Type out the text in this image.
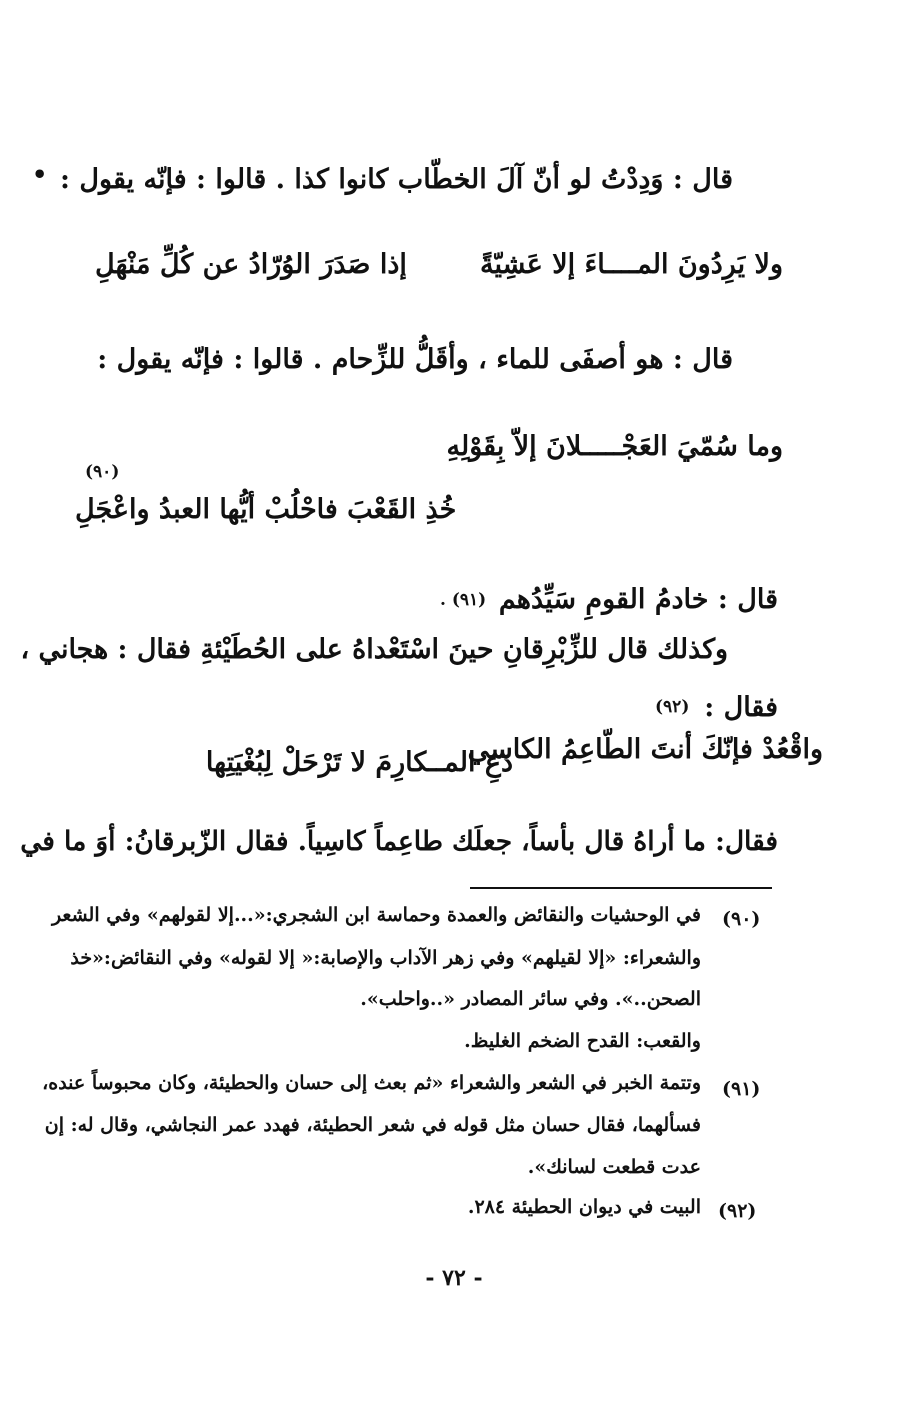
• قال : وَدِدْتُ لو أنّ آلَ الخطّاب كانوا كذا . قالوا : فإنّه يقول :
ولا يَرِدُونَ المــــاءَ إلا عَشِيّةً
إذا صَدَرَ الوُرّادُ عن كُلِّ مَنْهَلِ
قال : هو أصفَى للماء ، وأقَلُّ للزِّحام . قالوا : فإنّه يقول :
وما سُمّيَ العَجْـــــلانَ إلاّ بِقَوْلِهِ
(٩٠)
خُذِ القَعْبَ فاحْلُبْ أيُّها العبدُ واعْجَلِ
قال : خادمُ القومِ سَيِّدُهم
(٩١) .
وكذلك قال للزِّبْرِقانِ حينَ اسْتَعْداهُ على الحُطَيْئةِ فقال : هجاني ،
فقال :
(٩٢)
دَعِ المــكارِمَ لا تَرْحَلْ لِبُغْيَتِها
واقْعُدْ فإنّكَ أنتَ الطّاعِمُ الكاسي
فقال: ما أراهُ قال بأساً، جعلَك طاعِماً كاسِياً. فقال الزّبرقانُ: أوَ ما في
(٩٠)
في الوحشيات والنقائض والعمدة وحماسة ابن الشجري:«...إلا لقولهم» وفي الشعر
والشعراء: «إلا لقيلهم» وفي زهر الآداب والإصابة:« إلا لقوله» وفي النقائض:«خذ
الصحن..». وفي سائر المصادر «..واحلب».
والقعب: القدح الضخم الغليظ.
(٩١)
وتتمة الخبر في الشعر والشعراء «ثم بعث إلى حسان والحطيئة، وكان محبوساً عنده،
فسألهما، فقال حسان مثل قوله في شعر الحطيئة، فهدد عمر النجاشي، وقال له: إن
عدت قطعت لسانك».
(٩٢)
البيت في ديوان الحطيئة ٢٨٤.
- ٧٢ -
